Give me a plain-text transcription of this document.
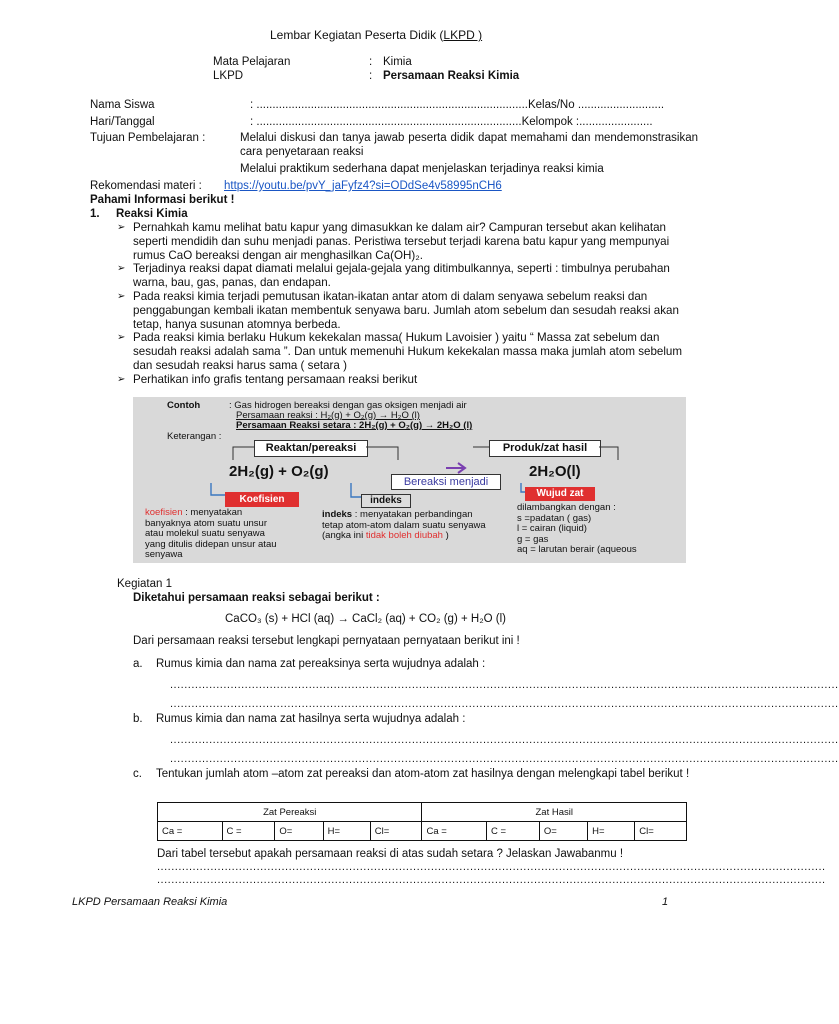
Lembar Kegiatan Peserta Didik (LKPD )
Mata Pelajaran	: Kimia
LKPD	: Persamaan Reaksi Kimia
Nama Siswa	: .....................................................................................Kelas/No ...........................
Hari/Tanggal	: ...................................................................................Kelompok :.......................
Tujuan Pembelajaran :	Melalui diskusi dan tanya jawab peserta didik dapat memahami dan mendemonstrasikan cara penyetaraan reaksi
Melalui praktikum sederhana dapat menjelaskan terjadinya reaksi kimia
Rekomendasi materi : https://youtu.be/pvY_jaFyfz4?si=ODdSe4v58995nCH6
Pahami Informasi berikut !
1. Reaksi Kimia
➢ Pernahkah kamu melihat batu kapur yang dimasukkan ke dalam air? Campuran tersebut akan kelihatan seperti mendidih dan suhu menjadi panas. Peristiwa tersebut terjadi karena batu kapur yang mempunyai rumus CaO bereaksi dengan air menghasilkan Ca(OH)₂.
➢ Terjadinya reaksi dapat diamati melalui gejala-gejala yang ditimbulkannya, seperti : timbulnya perubahan warna, bau, gas, panas, dan endapan.
➢ Pada reaksi kimia terjadi pemutusan ikatan-ikatan antar atom di dalam senyawa sebelum reaksi dan penggabungan kembali ikatan membentuk senyawa baru. Jumlah atom sebelum dan sesudah reaksi akan tetap, hanya susunan atomnya berbeda.
➢ Pada reaksi kimia berlaku Hukum kekekalan massa( Hukum Lavoisier ) yaitu “ Massa zat sebelum dan sesudah reaksi adalah sama ”. Dan untuk memenuhi Hukum kekekalan massa maka jumlah atom sebelum dan sesudah reaksi harus sama ( setara )
➢ Perhatikan info grafis tentang persamaan reaksi berikut
Contoh	: Gas hidrogen bereaksi dengan gas oksigen menjadi air
Persamaan reaksi : H₂(g) + O₂(g) → H₂O (l)
Persamaan Reaksi setara : 2H₂(g) + O₂(g) → 2H₂O (l)
Keterangan :
Reaktan/pereaksi	Produk/zat hasil
2H₂(g) + O₂(g)
Bereaksi menjadi
2H₂O(l)
Koefisien	indeks
Wujud zat
koefisien : menyatakan banyaknya atom suatu unsur atau molekul suatu senyawa yang ditulis didepan unsur atau senyawa
indeks : menyatakan perbandingan tetap atom-atom dalam suatu senyawa
(angka ini tidak boleh diubah )
dilambangkan dengan :
s =padatan ( gas)
l = cairan (liquid)
g = gas
aq = larutan berair (aqueous
Kegiatan 1
Diketahui persamaan reaksi sebagai berikut :
CaCO₃ (s) + HCl (aq) → CaCl₂ (aq) + CO₂ (g) + H₂O (l)
Dari persamaan reaksi tersebut lengkapi pernyataan pernyataan berikut ini !
a. Rumus kimia dan nama zat pereaksinya serta wujudnya adalah :
............................................................................................................................................................................................
............................................................................................................................................................................................
b. Rumus kimia dan nama zat hasilnya serta wujudnya adalah :
............................................................................................................................................................................................
............................................................................................................................................................................................
c. Tentukan jumlah atom –atom zat pereaksi dan atom-atom zat hasilnya dengan melengkapi tabel berikut !
Zat Pereaksi					Zat Hasil				
Ca =	C =	O=	H=	Cl=	Ca =	C =	O=	H=	Cl=
Dari tabel tersebut apakah persamaan reaksi di atas sudah setara ? Jelaskan Jawabanmu !
............................................................................................................................................................................................
............................................................................................................................................................................................
LKPD Persamaan Reaksi Kimia	1
